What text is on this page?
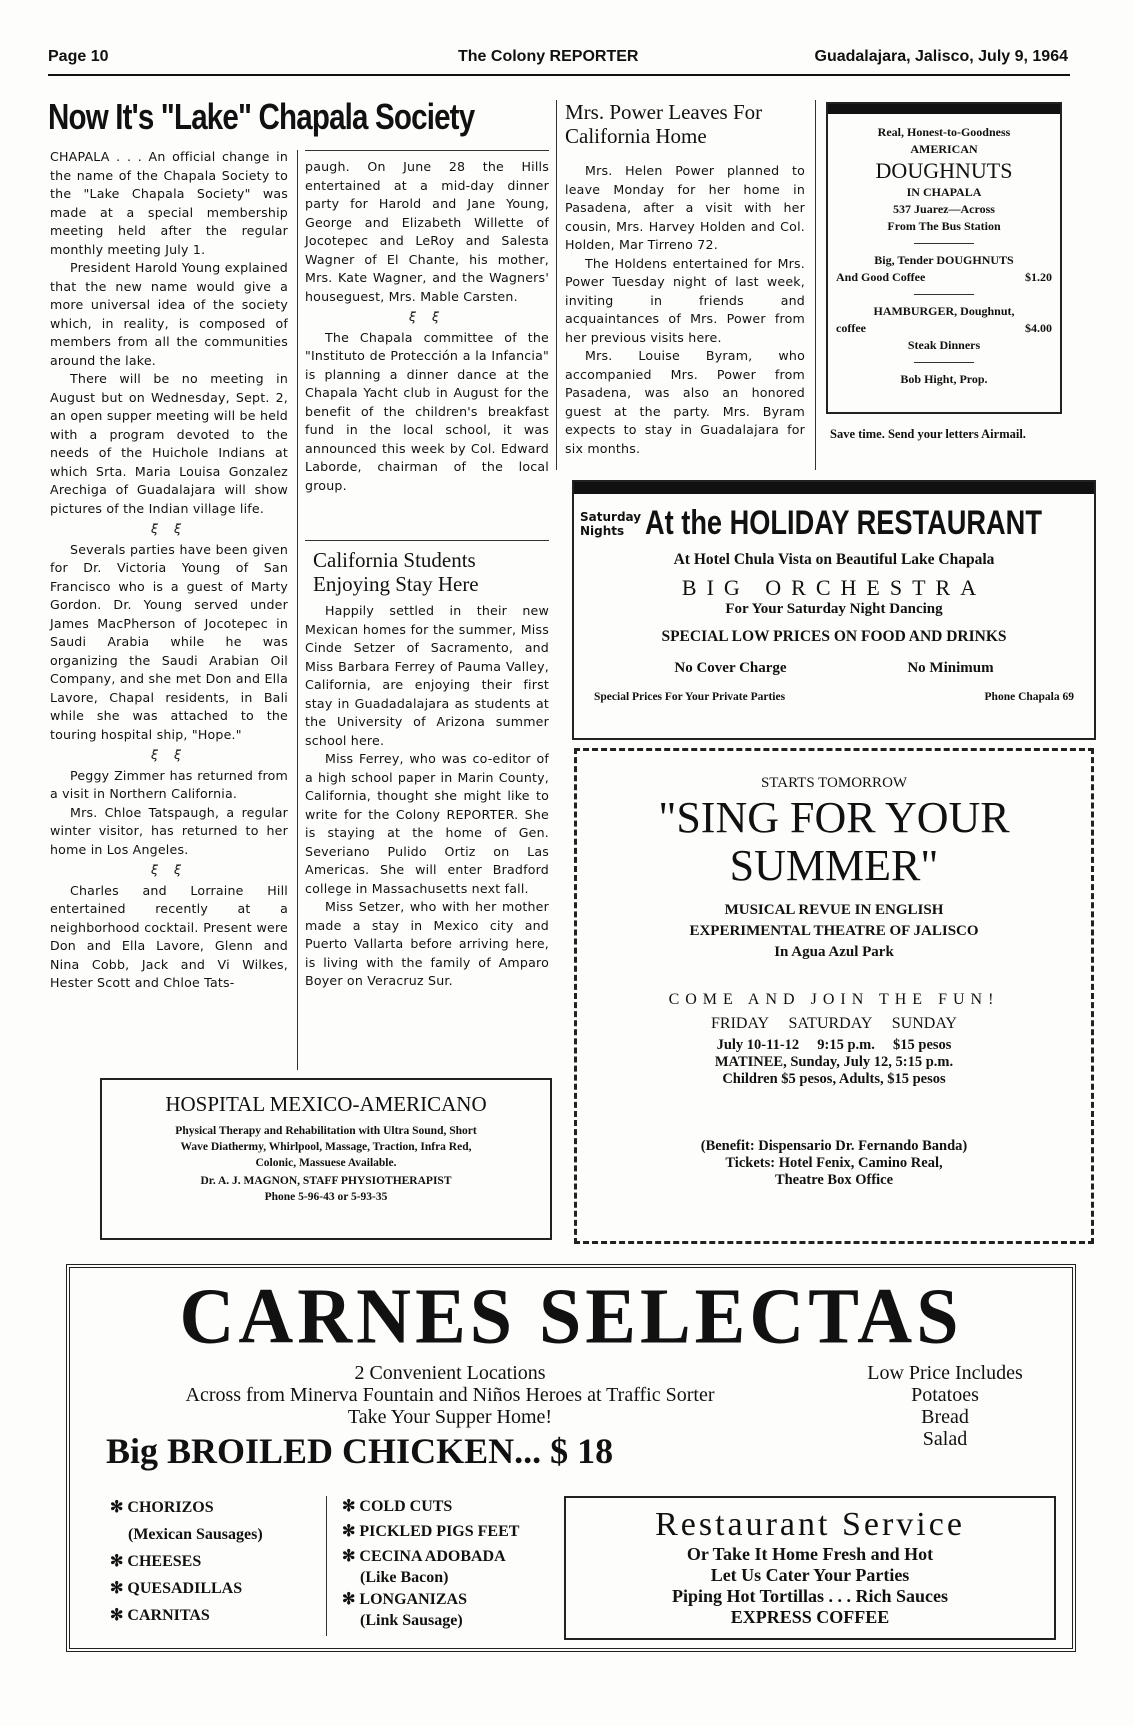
Page 10	The Colony REPORTER	Guadalajara, Jalisco, July 9, 1964
Now It's "Lake" Chapala Society

CHAPALA . . . An official change in the name of the Chapala Society to the "Lake Chapala Society" was made at a special membership meeting held after the regular monthly meeting July 1.

President Harold Young explained that the new name would give a more universal idea of the society which, in reality, is composed of members from all the communities around the lake.

There will be no meeting in August but on Wednesday, Sept. 2, an open supper meeting will be held with a program devoted to the needs of the Huichole Indians at which Srta. Maria Louisa Gonzalez Arechiga of Guadalajara will show pictures of the Indian village life.

ξ ξ

Severals parties have been given for Dr. Victoria Young of San Francisco who is a guest of Marty Gordon. Dr. Young served under James MacPherson of Jocotepec in Saudi Arabia while he was organizing the Saudi Arabian Oil Company, and she met Don and Ella Lavore, Chapal residents, in Bali while she was attached to the touring hospital ship, "Hope."

ξ ξ

Peggy Zimmer has returned from a visit in Northern California.

Mrs. Chloe Tatspaugh, a regular winter visitor, has returned to her home in Los Angeles.

ξ ξ

Charles and Lorraine Hill entertained recently at a neighborhood cocktail. Present were Don and Ella Lavore, Glenn and Nina Cobb, Jack and Vi Wilkes, Hester Scott and Chloe Tats-

paugh. On June 28 the Hills entertained at a mid-day dinner party for Harold and Jane Young, George and Elizabeth Willette of Jocotepec and LeRoy and Salesta Wagner of El Chante, his mother, Mrs. Kate Wagner, and the Wagners' houseguest, Mrs. Mable Carsten.

ξ ξ

The Chapala committee of the "Instituto de Protección a la Infancia" is planning a dinner dance at the Chapala Yacht club in August for the benefit of the children's breakfast fund in the local school, it was announced this week by Col. Edward Laborde, chairman of the local group.

California Students Enjoying Stay Here

Happily settled in their new Mexican homes for the summer, Miss Cinde Setzer of Sacramento, and Miss Barbara Ferrey of Pauma Valley, California, are enjoying their first stay in Guadadalajara as students at the University of Arizona summer school here.

Miss Ferrey, who was co-editor of a high school paper in Marin County, California, thought she might like to write for the Colony REPORTER. She is staying at the home of Gen. Severiano Pulido Ortiz on Las Americas. She will enter Bradford college in Massachusetts next fall.

Miss Setzer, who with her mother made a stay in Mexico city and Puerto Vallarta before arriving here, is living with the family of Amparo Boyer on Veracruz Sur.

Mrs. Power Leaves For California Home

Mrs. Helen Power planned to leave Monday for her home in Pasadena, after a visit with her cousin, Mrs. Harvey Holden and Col. Holden, Mar Tirreno 72.

The Holdens entertained for Mrs. Power Tuesday night of last week, inviting in friends and acquaintances of Mrs. Power from her previous visits here.

Mrs. Louise Byram, who accompanied Mrs. Power from Pasadena, was also an honored guest at the party. Mrs. Byram expects to stay in Guadalajara for six months.

Real, Honest-to-Goodness
AMERICAN
DOUGHNUTS
IN CHAPALA
537 Juarez—Across
From The Bus Station
Big, Tender DOUGHNUTS
And Good Coffee	$1.20
HAMBURGER, Doughnut,
coffee	$4.00
Steak Dinners
Bob Hight, Prop.
Save time. Send your letters Airmail.
Saturday
Nights At the HOLIDAY RESTAURANT
At Hotel Chula Vista on Beautiful Lake Chapala
BIG ORCHESTRA
For Your Saturday Night Dancing
SPECIAL LOW PRICES ON FOOD AND DRINKS
No Cover Charge	No Minimum
Special Prices For Your Private Parties	Phone Chapala 69
STARTS TOMORROW
"SING FOR YOUR
SUMMER"
MUSICAL REVUE IN ENGLISH
EXPERIMENTAL THEATRE OF JALISCO
In Agua Azul Park
COME AND JOIN THE FUN!
FRIDAY     SATURDAY     SUNDAY
July 10-11-12     9:15 p.m.     $15 pesos
MATINEE, Sunday, July 12, 5:15 p.m.
Children $5 pesos, Adults, $15 pesos
(Benefit: Dispensario Dr. Fernando Banda)
Tickets: Hotel Fenix, Camino Real,
Theatre Box Office
HOSPITAL MEXICO-AMERICANO
Physical Therapy and Rehabilitation with Ultra Sound, Short
Wave Diathermy, Whirlpool, Massage, Traction, Infra Red,
Colonic, Massuese Available.
Dr. A. J. MAGNON, STAFF PHYSIOTHERAPIST
Phone 5-96-43 or 5-93-35
CARNES SELECTAS
2 Convenient Locations
Across from Minerva Fountain and Niños Heroes at Traffic Sorter
Take Your Supper Home!
Low Price Includes
Potatoes
Bread
Salad
Big BROILED CHICKEN... $ 18
✻ CHORIZOS
(Mexican Sausages)
✻ CHEESES
✻ QUESADILLAS
✻ CARNITAS
✻ COLD CUTS
✻ PICKLED PIGS FEET
✻ CECINA ADOBADA
(Like Bacon)
✻ LONGANIZAS
(Link Sausage)
Restaurant Service
Or Take It Home Fresh and Hot
Let Us Cater Your Parties
Piping Hot Tortillas . . . Rich Sauces
EXPRESS COFFEE
